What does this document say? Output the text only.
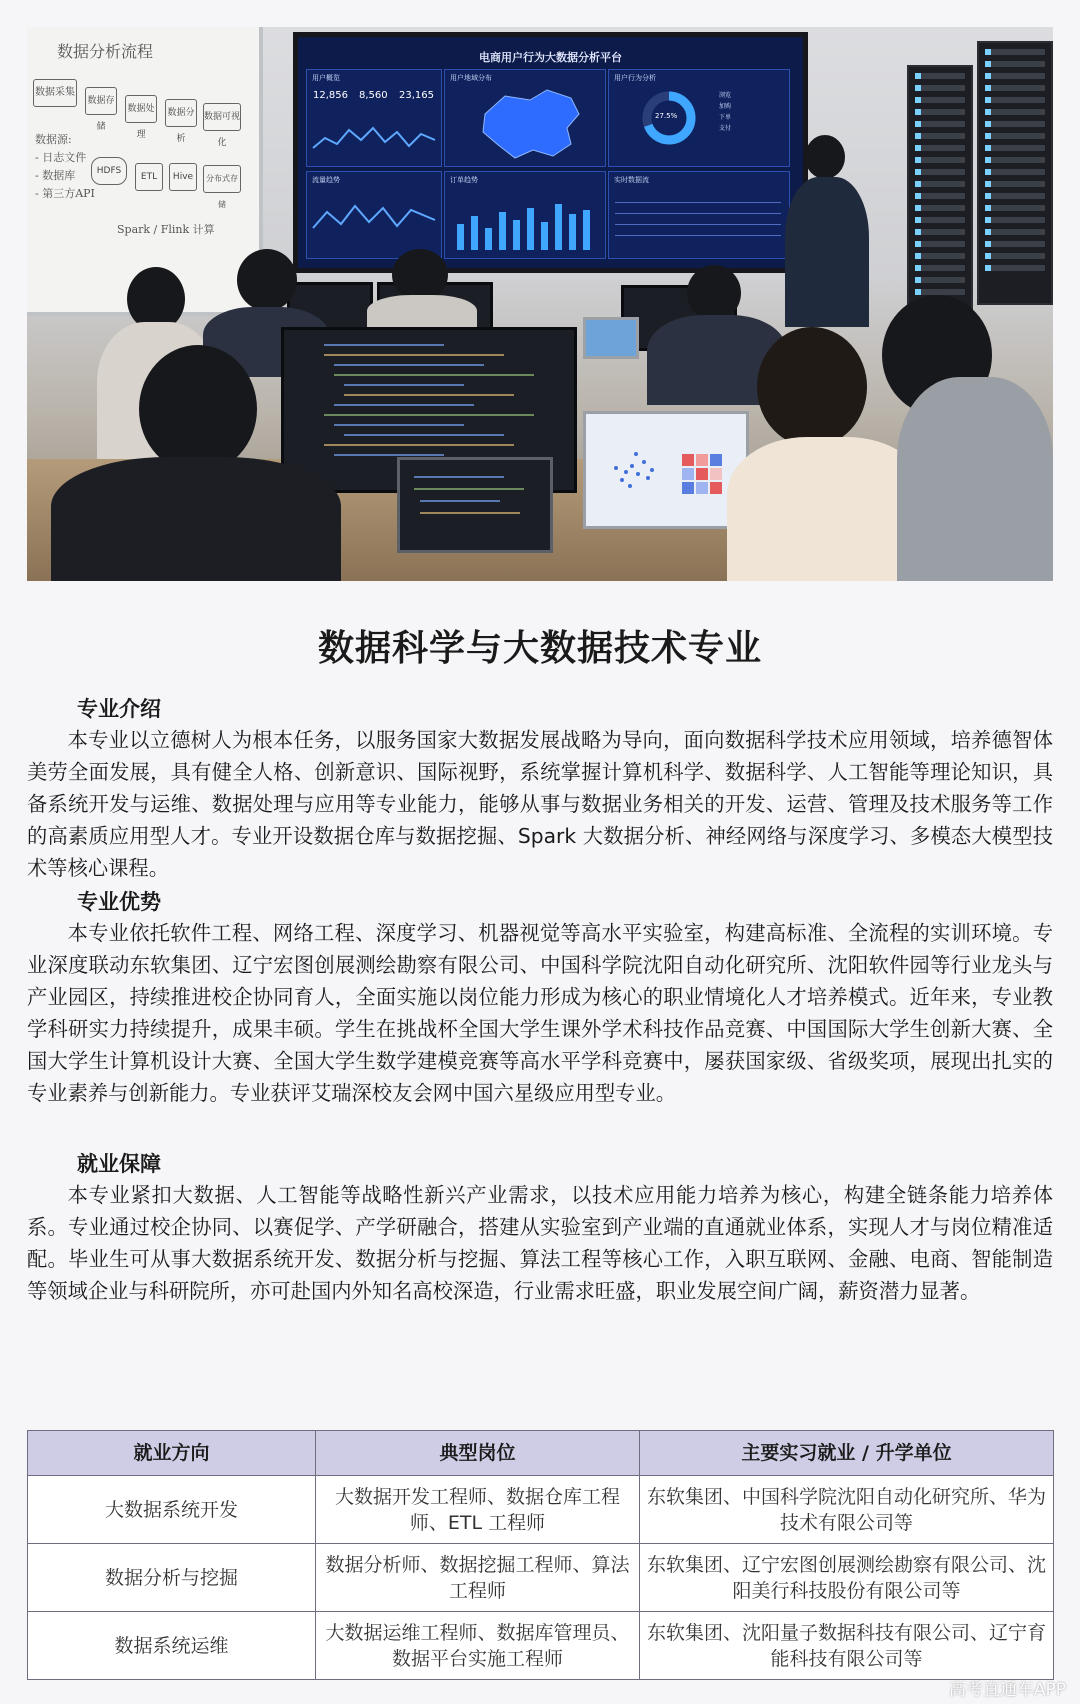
数据分析流程
数据采集
数据存储
数据处理
数据分析
数据可视化
数据源:
- 日志文件
- 数据库
- 第三方API
HDFS
ETL	Hive	分布式存储
Spark / Flink 计算
电商用户行为大数据分析平台
用户概览
12,856 8,560 23,165
用户地域分布	用户行为分析
27.5%
浏览
加购
下单
支付
流量趋势	订单趋势	实时数据流
数据科学与大数据技术专业
专业介绍

本专业以立德树人为根本任务，以服务国家大数据发展战略为导向，面向数据科学技术应用领域，培养德智体美劳全面发展，具有健全人格、创新意识、国际视野，系统掌握计算机科学、数据科学、人工智能等理论知识，具备系统开发与运维、数据处理与应用等专业能力，能够从事与数据业务相关的开发、运营、管理及技术服务等工作的高素质应用型人才。专业开设数据仓库与数据挖掘、Spark 大数据分析、神经网络与深度学习、多模态大模型技术等核心课程。

专业优势

本专业依托软件工程、网络工程、深度学习、机器视觉等高水平实验室，构建高标准、全流程的实训环境。专业深度联动东软集团、辽宁宏图创展测绘勘察有限公司、中国科学院沈阳自动化研究所、沈阳软件园等行业龙头与产业园区，持续推进校企协同育人，全面实施以岗位能力形成为核心的职业情境化人才培养模式。近年来，专业教学科研实力持续提升，成果丰硕。学生在挑战杯全国大学生课外学术科技作品竞赛、中国国际大学生创新大赛、全国大学生计算机设计大赛、全国大学生数学建模竞赛等高水平学科竞赛中，屡获国家级、省级奖项，展现出扎实的专业素养与创新能力。专业获评艾瑞深校友会网中国六星级应用型专业。

就业保障

本专业紧扣大数据、人工智能等战略性新兴产业需求，以技术应用能力培养为核心，构建全链条能力培养体系。专业通过校企协同、以赛促学、产学研融合，搭建从实验室到产业端的直通就业体系，实现人才与岗位精准适配。毕业生可从事大数据系统开发、数据分析与挖掘、算法工程等核心工作，入职互联网、金融、电商、智能制造等领域企业与科研院所，亦可赴国内外知名高校深造，行业需求旺盛，职业发展空间广阔，薪资潜力显著。

就业方向	典型岗位	主要实习就业 / 升学单位
大数据系统开发	大数据开发工程师、数据仓库工程师、ETL 工程师	东软集团、中国科学院沈阳自动化研究所、华为技术有限公司等
数据分析与挖掘	数据分析师、数据挖掘工程师、算法工程师	东软集团、辽宁宏图创展测绘勘察有限公司、沈阳美行科技股份有限公司等
数据系统运维	大数据运维工程师、数据库管理员、数据平台实施工程师	东软集团、沈阳量子数据科技有限公司、辽宁育能科技有限公司等
高考直通车APP
